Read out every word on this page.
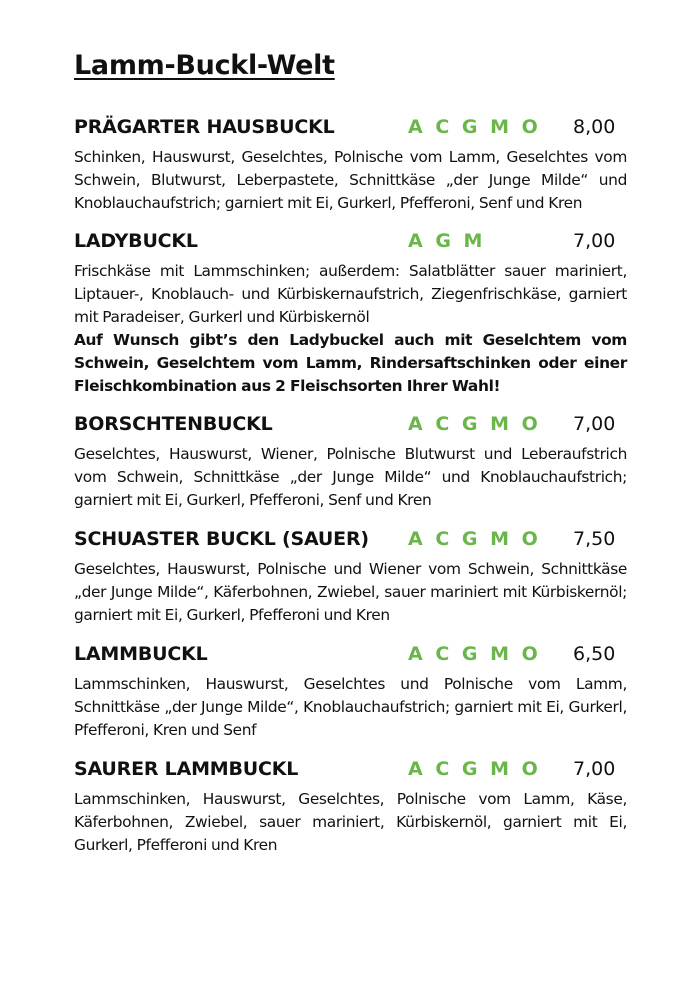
Lamm-Buckl-Welt
PRÄGARTER HAUSBUCKL	A C G M O 8,00

Schinken, Hauswurst, Geselchtes, Polnische vom Lamm, Geselchtes vom Schwein, Blutwurst, Leberpastete, Schnittkäse „der Junge Milde“ und Knoblauchaufstrich; garniert mit Ei, Gurkerl, Pfefferoni, Senf und Kren

LADYBUCKL	A G M	7,00

Frischkäse mit Lammschinken; außerdem: Salatblätter sauer mariniert, Liptauer-, Knoblauch- und Kürbiskernaufstrich, Ziegenfrischkäse, garniert mit Paradeiser, Gurkerl und Kürbiskernöl

Auf Wunsch gibt’s den Ladybuckel auch mit Geselchtem vom Schwein, Geselchtem vom Lamm, Rindersaftschinken oder einer Fleischkombination aus 2 Fleischsorten Ihrer Wahl!

BORSCHTENBUCKL	A C G M O 7,00

Geselchtes, Hauswurst, Wiener, Polnische Blutwurst und Leberaufstrich vom Schwein, Schnittkäse „der Junge Milde“ und Knoblauchaufstrich; garniert mit Ei, Gurkerl, Pfefferoni, Senf und Kren

SCHUASTER BUCKL (SAUER) A C G M O 7,50

Geselchtes, Hauswurst, Polnische und Wiener vom Schwein, Schnittkäse „der Junge Milde“, Käferbohnen, Zwiebel, sauer mariniert mit Kürbiskernöl; garniert mit Ei, Gurkerl, Pfefferoni und Kren

LAMMBUCKL	A C G M O 6,50

Lammschinken, Hauswurst, Geselchtes und Polnische vom Lamm, Schnittkäse „der Junge Milde“, Knoblauchaufstrich; garniert mit Ei, Gurkerl, Pfefferoni, Kren und Senf

SAURER LAMMBUCKL	A C G M O 7,00

Lammschinken, Hauswurst, Geselchtes, Polnische vom Lamm, Käse, Käferbohnen, Zwiebel, sauer mariniert, Kürbiskernöl, garniert mit Ei, Gurkerl, Pfefferoni und Kren
